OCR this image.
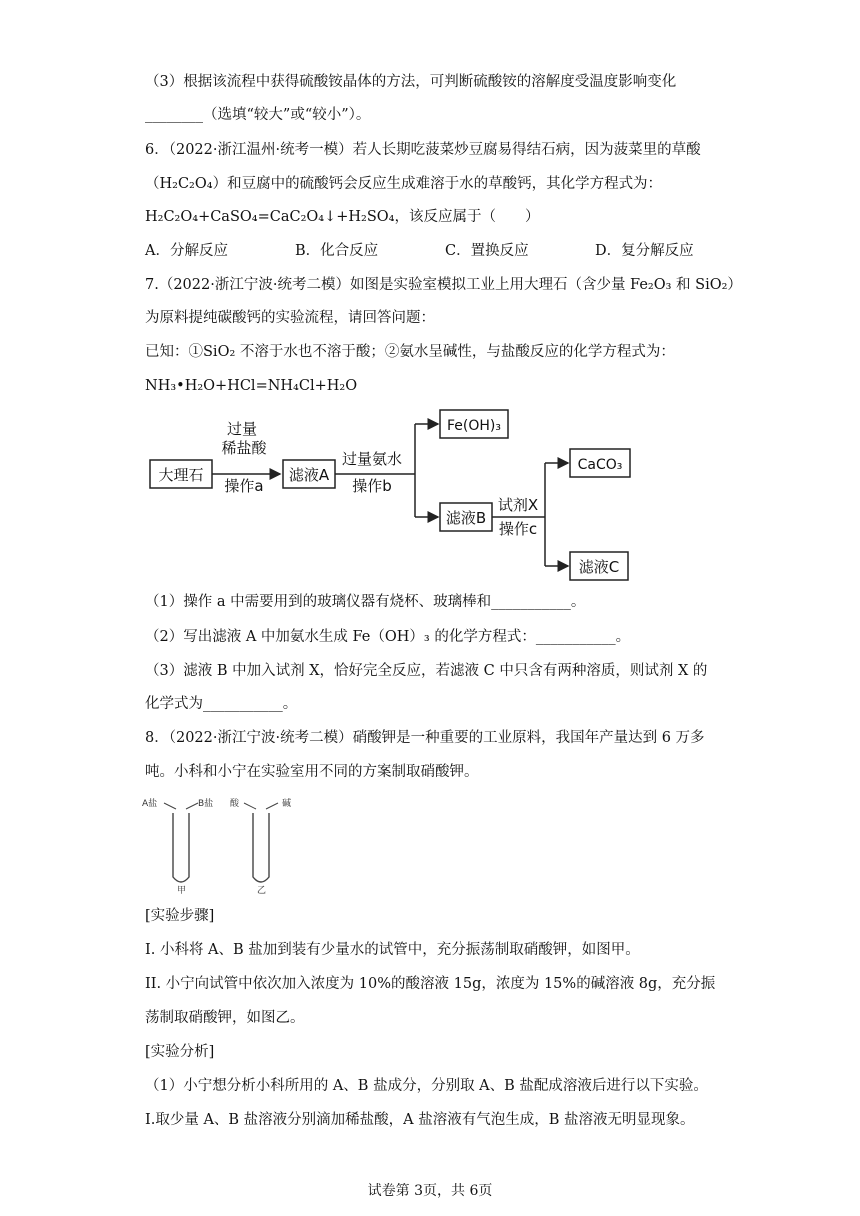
（3）根据该流程中获得硫酸铵晶体的方法，可判断硫酸铵的溶解度受温度影响变化
________（选填“较大”或“较小”）。
6．（2022·浙江温州·统考一模）若人长期吃菠菜炒豆腐易得结石病，因为菠菜里的草酸
（H₂C₂O₄）和豆腐中的硫酸钙会反应生成难溶于水的草酸钙，其化学方程式为：
H₂C₂O₄+CaSO₄=CaC₂O₄↓+H₂SO₄，该反应属于（　　）
A．分解反应	B．化合反应	C．置换反应	D．复分解反应
7.（2022·浙江宁波·统考二模）如图是实验室模拟工业上用大理石（含少量 Fe₂O₃ 和 SiO₂）
为原料提纯碳酸钙的实验流程，请回答问题：
已知：①SiO₂ 不溶于水也不溶于酸；②氨水呈碱性，与盐酸反应的化学方程式为：
NH₃•H₂O+HCl=NH₄Cl+H₂O
大理石
过量
稀盐酸
操作a
滤液A
过量氨水
操作b
Fe(OH)₃
滤液B
试剂X
操作c
CaCO₃
滤液C
（1）操作 a 中需要用到的玻璃仪器有烧杯、玻璃棒和___________。
（2）写出滤液 A 中加氨水生成 Fe（OH）₃ 的化学方程式：___________。
（3）滤液 B 中加入试剂 X，恰好完全反应，若滤液 C 中只含有两种溶质，则试剂 X 的
化学式为___________。
8．（2022·浙江宁波·统考二模）硝酸钾是一种重要的工业原料，我国年产量达到 6 万多
吨。小科和小宁在实验室用不同的方案制取硝酸钾。
A盐	B盐
甲
酸	碱
乙
[实验步骤]
I. 小科将 A、B 盐加到装有少量水的试管中，充分振荡制取硝酸钾，如图甲。
II. 小宁向试管中依次加入浓度为 10%的酸溶液 15g，浓度为 15%的碱溶液 8g，充分振
荡制取硝酸钾，如图乙。
[实验分析]
（1）小宁想分析小科所用的 A、B 盐成分，分别取 A、B 盐配成溶液后进行以下实验。
I.取少量 A、B 盐溶液分别滴加稀盐酸，A 盐溶液有气泡生成，B 盐溶液无明显现象。
试卷第 3页，共 6页
